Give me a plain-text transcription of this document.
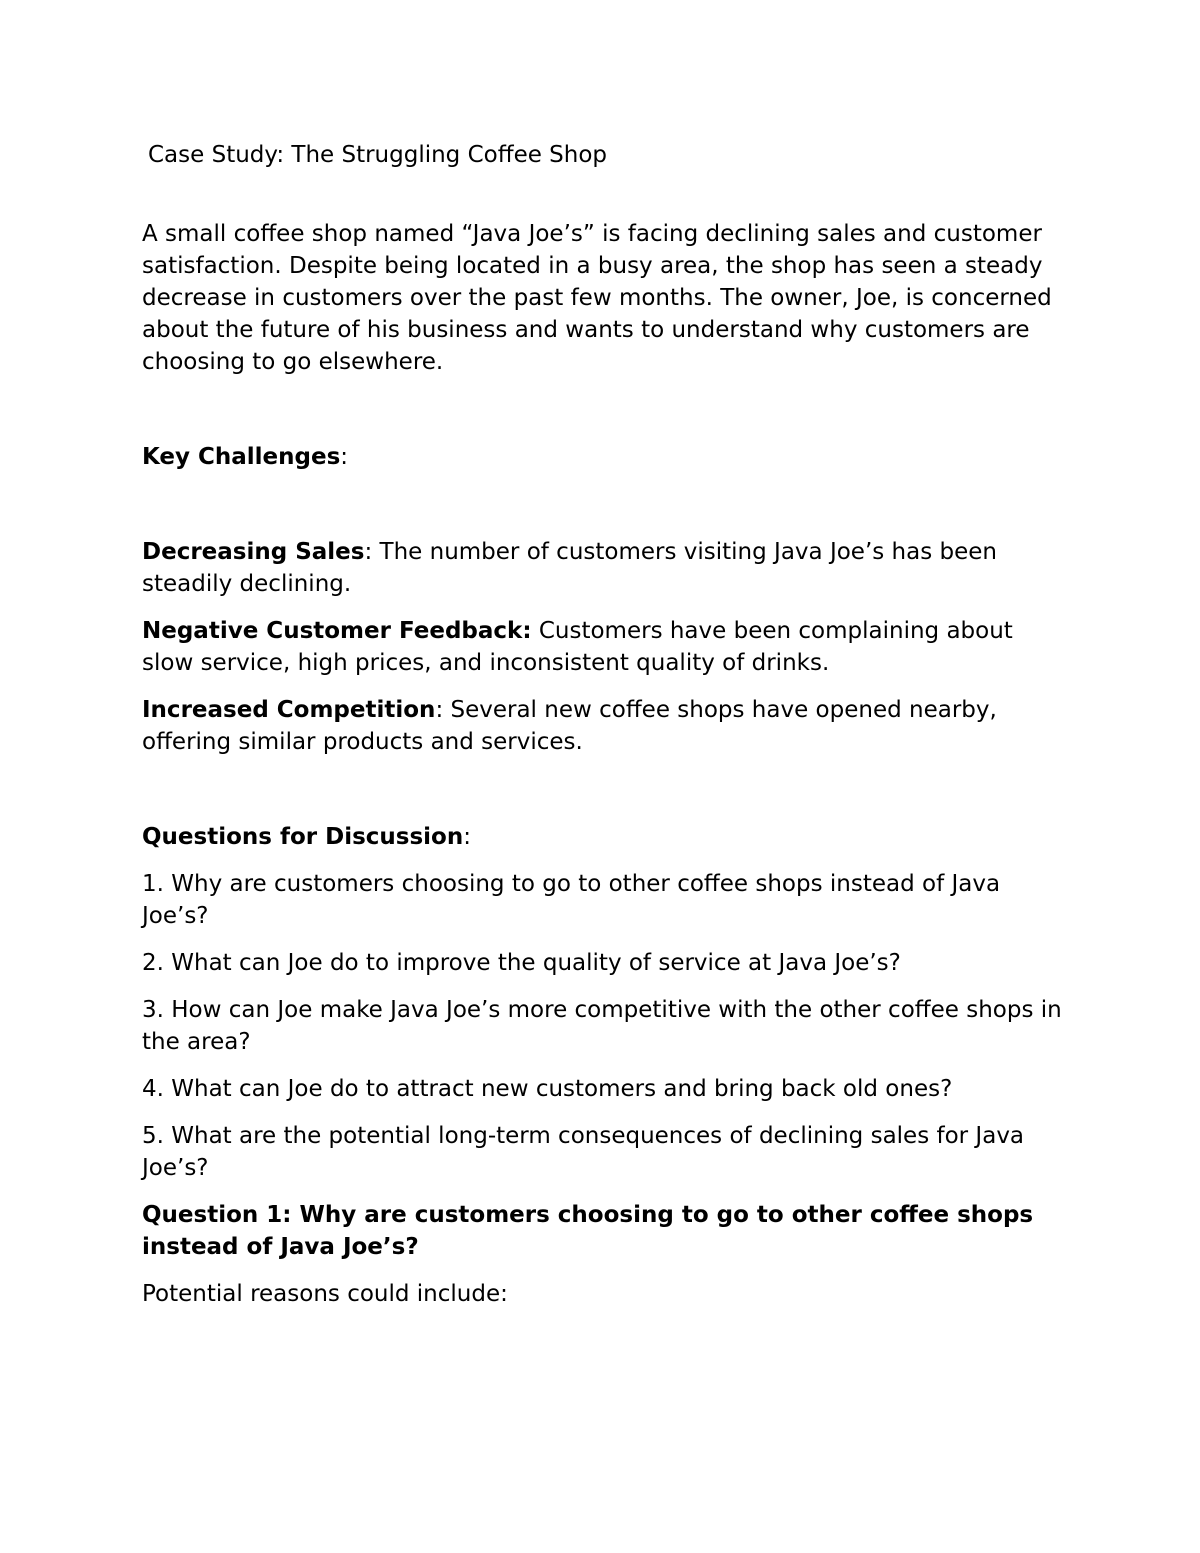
Case Study: The Struggling Coffee Shop

A small coffee shop named “Java Joe’s” is facing declining sales and customer satisfaction. Despite being located in a busy area, the shop has seen a steady decrease in customers over the past few months. The owner, Joe, is concerned about the future of his business and wants to understand why customers are choosing to go elsewhere.

Key Challenges:

Decreasing Sales: The number of customers visiting Java Joe’s has been steadily declining.

Negative Customer Feedback: Customers have been complaining about slow service, high prices, and inconsistent quality of drinks.

Increased Competition: Several new coffee shops have opened nearby, offering similar products and services.

Questions for Discussion:

1. Why are customers choosing to go to other coffee shops instead of Java Joe’s?

2. What can Joe do to improve the quality of service at Java Joe’s?

3. How can Joe make Java Joe’s more competitive with the other coffee shops in the area?

4. What can Joe do to attract new customers and bring back old ones?

5. What are the potential long-term consequences of declining sales for Java Joe’s?

Question 1: Why are customers choosing to go to other coffee shops instead of Java Joe’s?

Potential reasons could include:
